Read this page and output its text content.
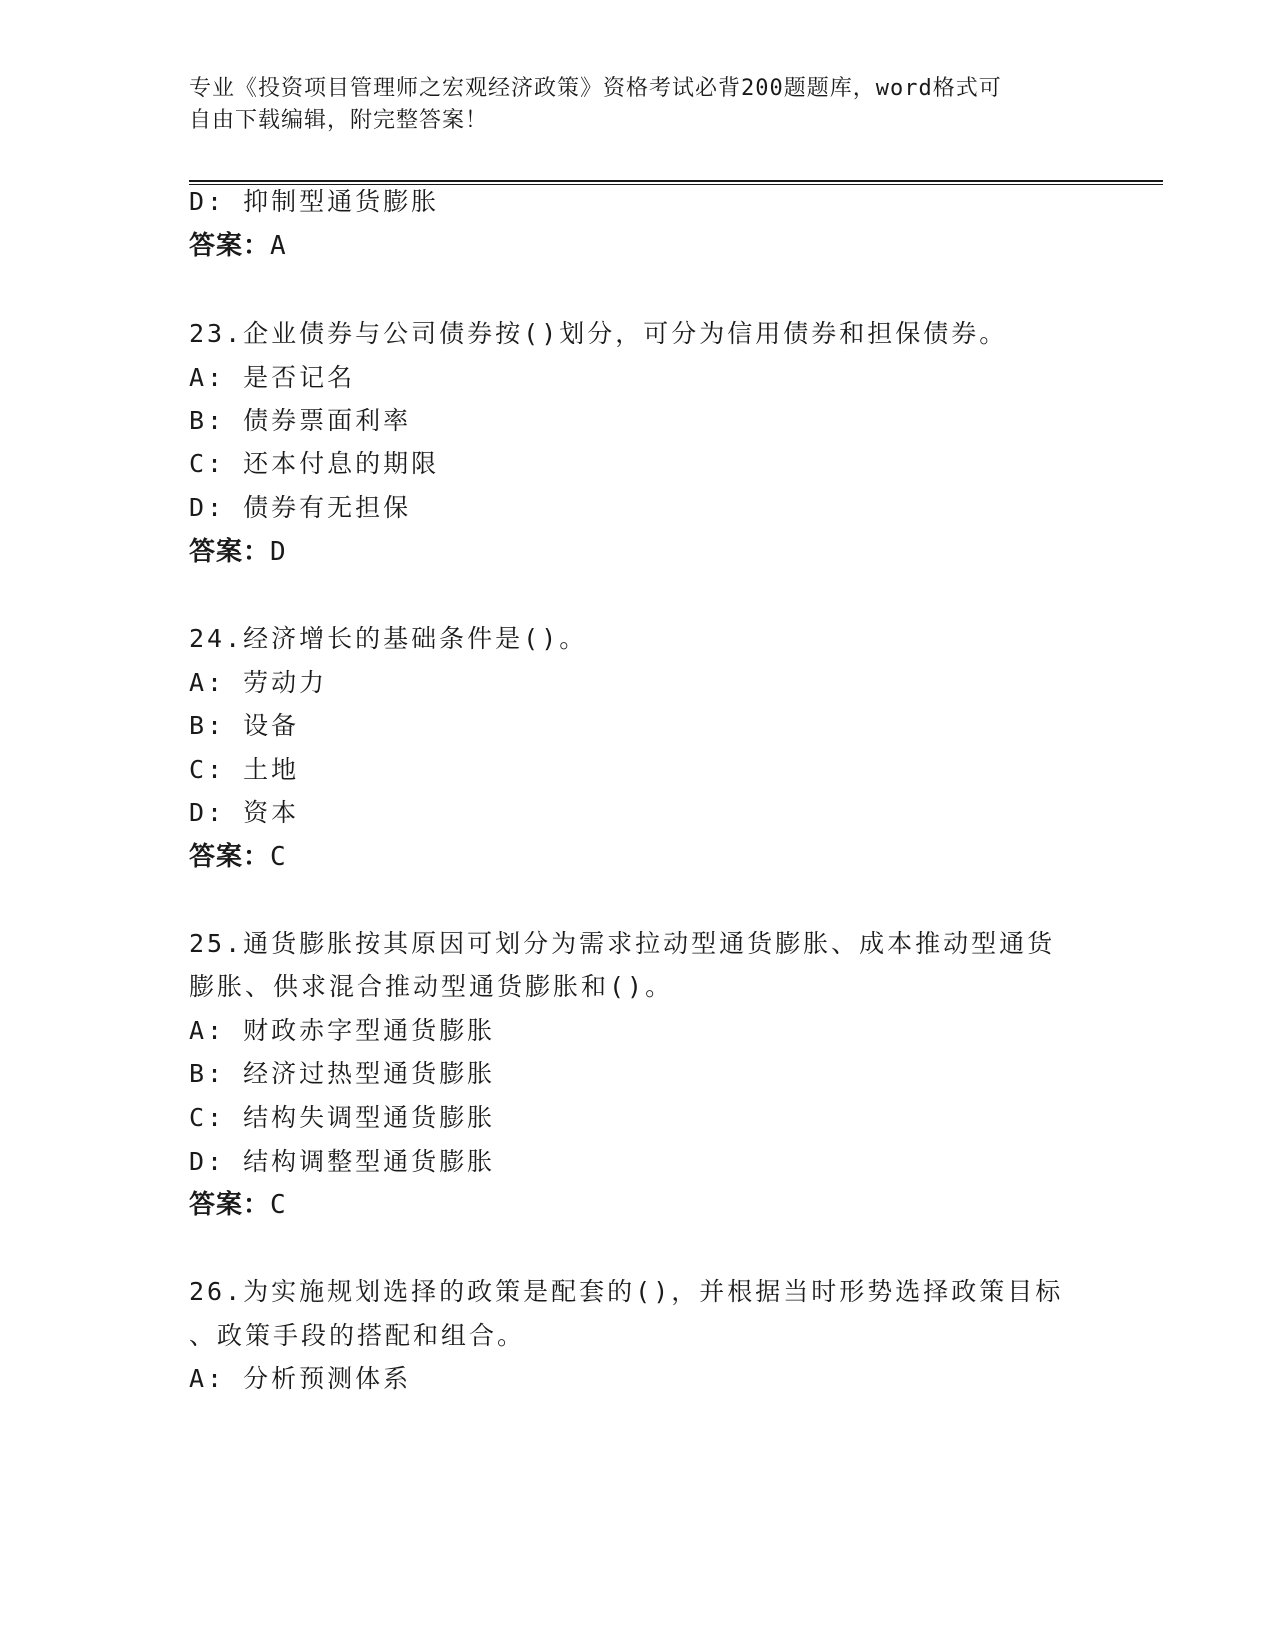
专业《投资项目管理师之宏观经济政策》资格考试必背200题题库，word格式可
自由下载编辑，附完整答案！
D: 抑制型通货膨胀
答案：A
23.企业债券与公司债券按()划分，可分为信用债券和担保债券。
A: 是否记名
B: 债券票面利率
C: 还本付息的期限
D: 债券有无担保
答案：D
24.经济增长的基础条件是()。
A: 劳动力
B: 设备
C: 土地
D: 资本
答案：C
25.通货膨胀按其原因可划分为需求拉动型通货膨胀、成本推动型通货
膨胀、供求混合推动型通货膨胀和()。
A: 财政赤字型通货膨胀
B: 经济过热型通货膨胀
C: 结构失调型通货膨胀
D: 结构调整型通货膨胀
答案：C
26.为实施规划选择的政策是配套的()，并根据当时形势选择政策目标
、政策手段的搭配和组合。
A: 分析预测体系
